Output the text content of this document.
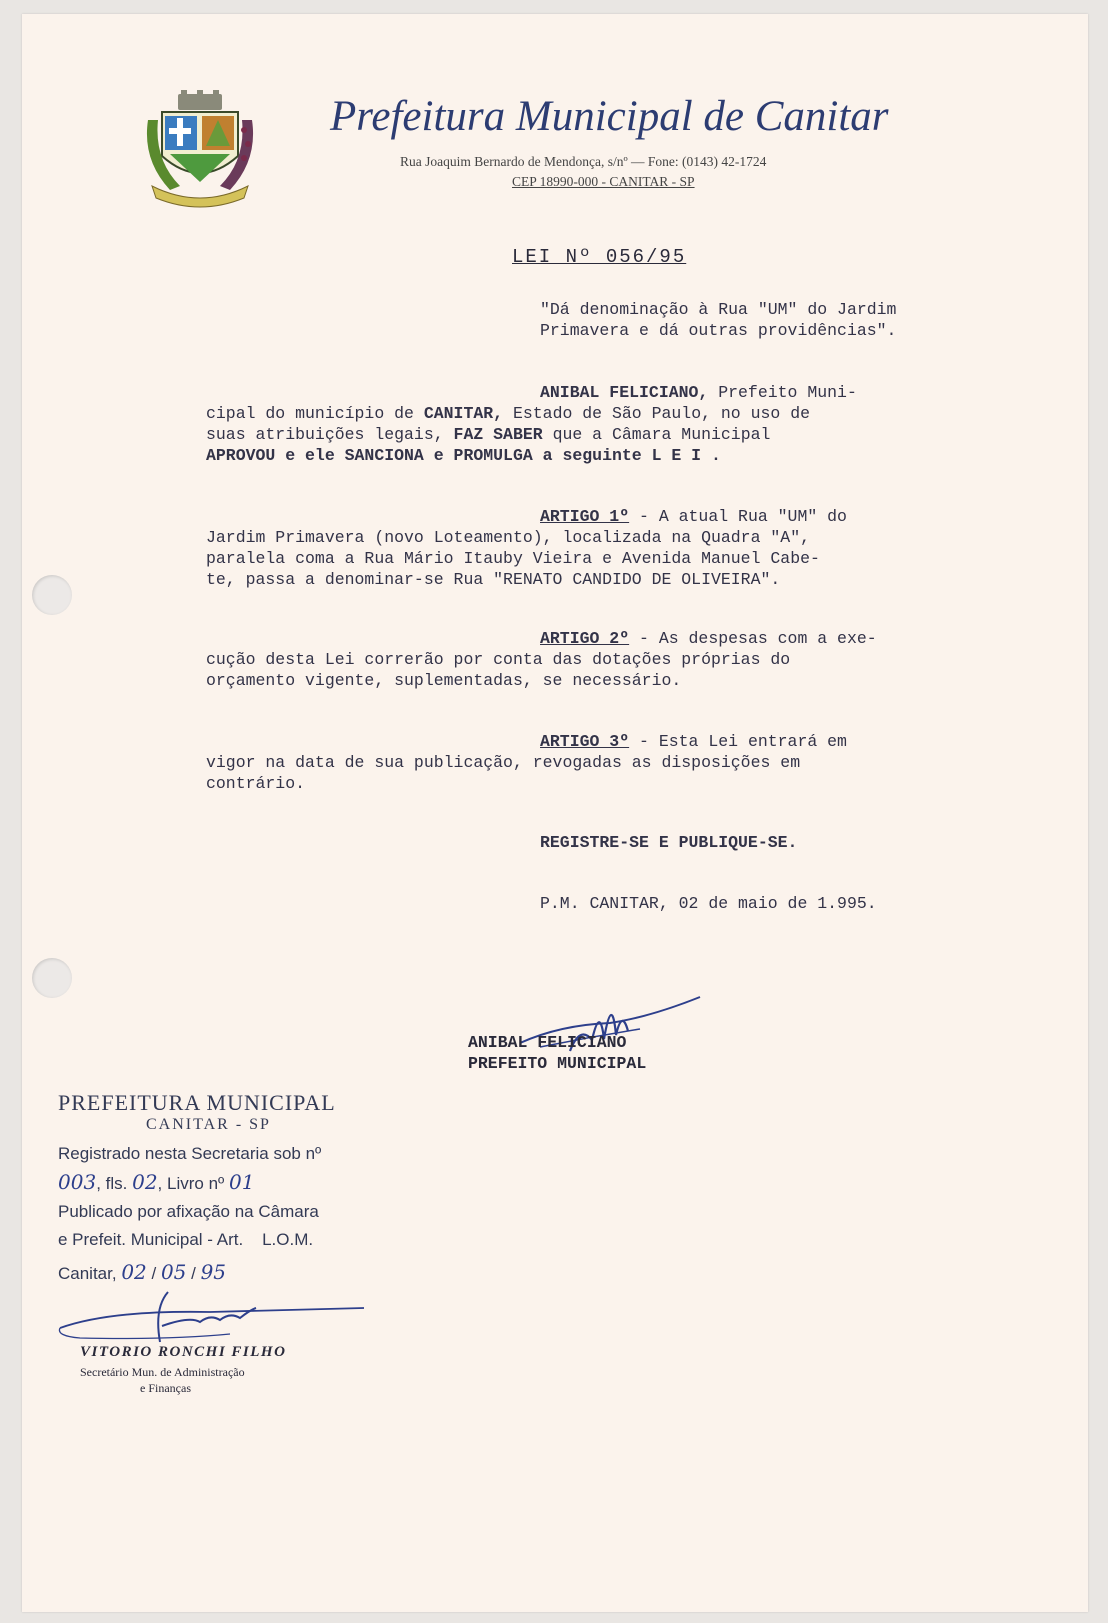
Prefeitura Municipal de Canitar
Rua Joaquim Bernardo de Mendonça, s/nº — Fone: (0143) 42-1724
CEP 18990-000 - CANITAR - SP
LEI Nº 056/95
"Dá denominação à Rua "UM" do Jardim
Primavera e dá outras providências".
ANIBAL FELICIANO, Prefeito Muni-
cipal do município de CANITAR, Estado de São Paulo, no uso de
suas atribuições legais, FAZ SABER que a Câmara Municipal
APROVOU e ele SANCIONA e PROMULGA a seguinte L E I .
ARTIGO 1º - A atual Rua "UM" do
Jardim Primavera (novo Loteamento), localizada na Quadra "A",
paralela coma a Rua Mário Itauby Vieira e Avenida Manuel Cabe-
te, passa a denominar-se Rua "RENATO CANDIDO DE OLIVEIRA".
ARTIGO 2º - As despesas com a exe-
cução desta Lei correrão por conta das dotações próprias do
orçamento vigente, suplementadas, se necessário.
ARTIGO 3º - Esta Lei entrará em
vigor na data de sua publicação, revogadas as disposições em
contrário.
REGISTRE-SE E PUBLIQUE-SE.
P.M. CANITAR, 02 de maio de 1.995.
ANIBAL FELICIANO
PREFEITO MUNICIPAL
PREFEITURA MUNICIPAL
CANITAR - SP
Registrado nesta Secretaria sob nº
003, fls. 02, Livro nº 01
Publicado por afixação na Câmara
e Prefeit. Municipal - Art.    L.O.M.
Canitar, 02 / 05 / 95
VITORIO RONCHI FILHO
Secretário Mun. de Administração
e Finanças
